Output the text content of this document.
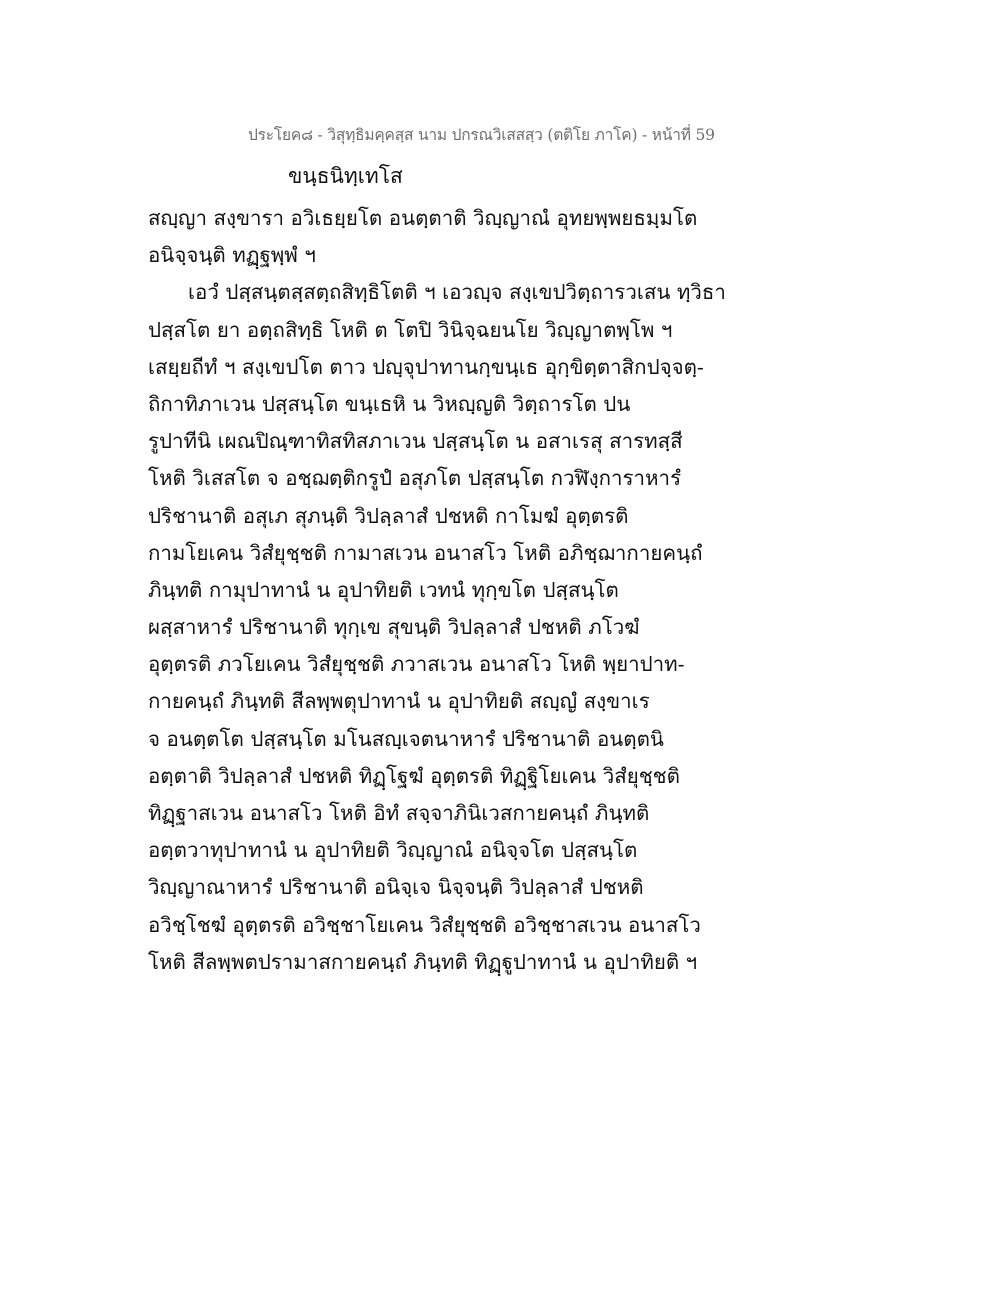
ประโยค๘ - วิสุทฺธิมคฺคสฺส นาม ปกรณวิเสสสฺว (ตติโย ภาโค) - หน้าที่ 59
ขนฺธนิทฺเทโส
สญฺญา สงฺขารา อวิเธยฺยโต อนตฺตาติ วิญฺญาณํ อุทยพฺพยธมฺมโต
อนิจฺจนฺติ ทฏฺฐพฺพํ ฯ
เอวํ ปสฺสนฺตสฺสตฺถสิทฺธิโตติ ฯ เอวญฺจ สงฺเขปวิตฺถารวเสน ทฺวิธา
ปสฺสโต ยา อตฺถสิทฺธิ โหติ ต โตปิ วินิจฺฉยนโย วิญฺญาตพฺโพ ฯ
เสยฺยถีทํ ฯ สงฺเขปโต ตาว ปญฺจุปาทานกฺขนฺเธ อุกฺขิตฺตาสิกปจฺจตฺ-
ถิกาทิภาเวน ปสฺสนฺโต ขนฺเธหิ น วิหญฺญติ วิตฺถารโต ปน
รูปาทีนิ เผณปิณฺฑาทิสทิสภาเวน ปสฺสนฺโต น อสาเรสุ สารทสฺสี
โหติ วิเสสโต จ อชฺฌตฺติกรูปํ อสุภโต ปสฺสนฺโต กวฬิงฺการาหารํ
ปริชานาติ อสุเภ สุภนฺติ วิปลฺลาสํ ปชหติ กาโมฆํ อุตฺตรติ
กามโยเคน วิสํยุชฺชติ กามาสเวน อนาสโว โหติ อภิชฺฌากายคนฺถํ
ภินฺทติ กามุปาทานํ น อุปาทิยติ เวทนํ ทุกฺขโต ปสฺสนฺโต
ผสฺสาหารํ ปริชานาติ ทุกฺเข สุขนฺติ วิปลฺลาสํ ปชหติ ภโวฆํ
อุตฺตรติ ภวโยเคน วิสํยุชฺชติ ภวาสเวน อนาสโว โหติ พฺยาปาท-
กายคนฺถํ ภินฺทติ สีลพฺพตุปาทานํ น อุปาทิยติ สญฺญํ สงฺขาเร
จ อนตฺตโต ปสฺสนฺโต มโนสญฺเจตนาหารํ ปริชานาติ อนตฺตนิ
อตฺตาติ วิปลฺลาสํ ปชหติ ทิฏฺโฐฆํ อุตฺตรติ ทิฏฺฐิโยเคน วิสํยุชฺชติ
ทิฏฺฐาสเวน อนาสโว โหติ อิทํ สจฺจาภินิเวสกายคนฺถํ ภินฺทติ
อตฺตวาทุปาทานํ น อุปาทิยติ วิญฺญาณํ อนิจฺจโต ปสฺสนฺโต
วิญฺญาณาหารํ ปริชานาติ อนิจฺเจ นิจฺจนฺติ วิปลฺลาสํ ปชหติ
อวิชฺโชฆํ อุตฺตรติ อวิชฺชาโยเคน วิสํยุชฺชติ อวิชฺชาสเวน อนาสโว
โหติ สีลพฺพตปรามาสกายคนฺถํ ภินฺทติ ทิฏฺฐูปาทานํ น อุปาทิยติ ฯ
